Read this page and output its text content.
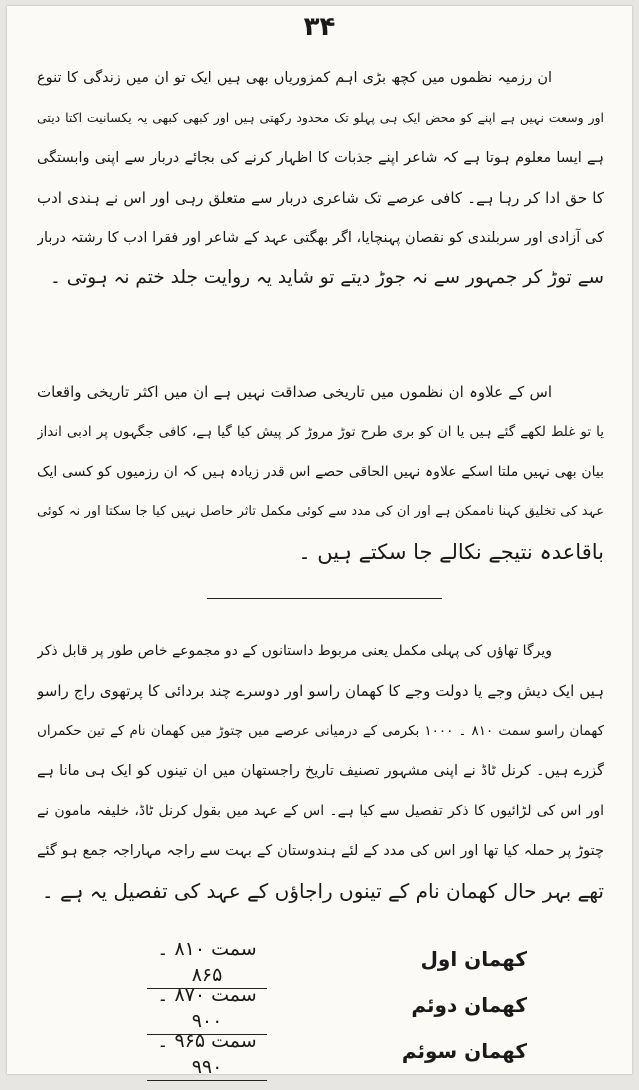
۳۴
ان رزمیہ نظموں میں کچھ بڑی اہم کمزوریاں بھی ہیں ایک تو ان میں زندگی کا تنوع
اور وسعت نہیں ہے اپنے کو محض ایک ہی پہلو تک محدود رکھتی ہیں اور کبھی کبھی یہ یکسانیت اکتا دیتی
ہے ایسا معلوم ہوتا ہے کہ شاعر اپنے جذبات کا اظہار کرنے کی بجائے دربار سے اپنی وابستگی
کا حق ادا کر رہا ہے۔ کافی عرصے تک شاعری دربار سے متعلق رہی اور اس نے ہندی ادب
کی آزادی اور سربلندی کو نقصان پہنچایا، اگر بھگتی عہد کے شاعر اور فقرا ادب کا رشتہ دربار
سے توڑ کر جمہور سے نہ جوڑ دیتے تو شاید یہ روایت جلد ختم نہ ہوتی ۔
اس کے علاوہ ان نظموں میں تاریخی صداقت نہیں ہے ان میں اکثر تاریخی واقعات
یا تو غلط لکھے گئے ہیں یا ان کو بری طرح توڑ مروڑ کر پیش کیا گیا ہے، کافی جگہوں پر ادبی انداز
بیان بھی نہیں ملتا اسکے علاوہ نہیں الحاقی حصے اس قدر زیادہ ہیں کہ ان رزمیوں کو کسی ایک
عہد کی تخلیق کہنا ناممکن ہے اور ان کی مدد سے کوئی مکمل تاثر حاصل نہیں کیا جا سکتا اور نہ کوئی
باقاعدہ نتیجے نکالے جا سکتے ہیں ۔
ویرگا تھاؤں کی پہلی مکمل یعنی مربوط داستانوں کے دو مجموعے خاص طور پر قابل ذکر
ہیں ایک دیش وجے یا دولت وجے کا کھمان راسو اور دوسرے چند بردائی کا پرتھوی راج راسو
کھمان راسو سمت ۸۱۰ ۔ ۱۰۰۰ بکرمی کے درمیانی عرصے میں چتوڑ میں کھمان نام کے تین حکمراں
گزرے ہیں۔ کرنل ٹاڈ نے اپنی مشہور تصنیف تاریخ راجستھان میں ان تینوں کو ایک ہی مانا ہے
اور اس کی لڑائیوں کا ذکر تفصیل سے کیا ہے۔ اس کے عہد میں بقول کرنل ٹاڈ، خلیفہ مامون نے
چتوڑ پر حملہ کیا تھا اور اس کی مدد کے لئے ہندوستان کے بہت سے راجہ مہاراجہ جمع ہو گئے
تھے بہر حال کھمان نام کے تینوں راجاؤں کے عہد کی تفصیل یہ ہے ۔
کھمان اول
سمت ۸۱۰ ۔ ۸۶۵
کھمان دوئم
سمت ۸۷۰ ۔ ۹۰۰
کھمان سوئم
سمت ۹۶۵ ۔ ۹۹۰
